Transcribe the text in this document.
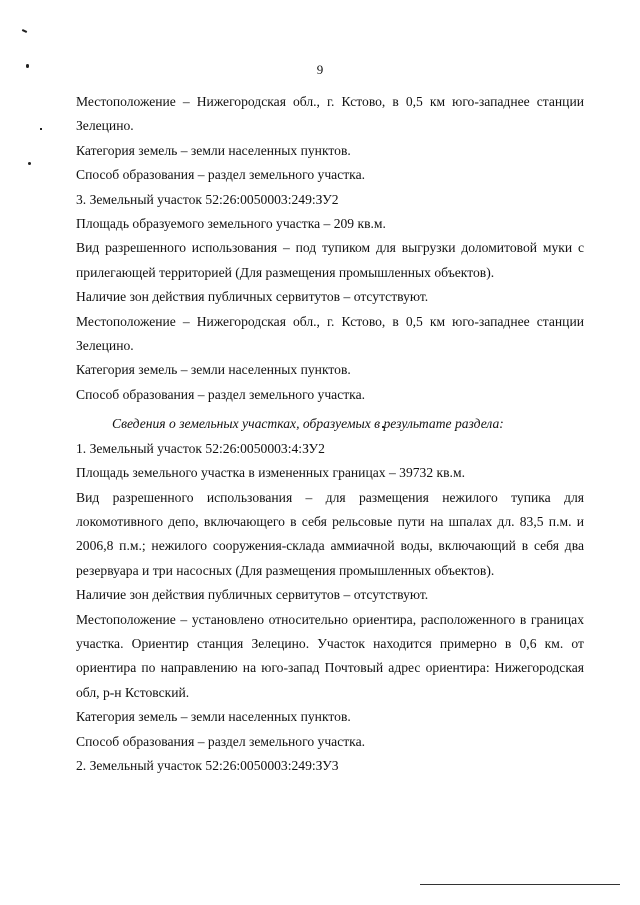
9

Местоположение – Нижегородская обл., г. Кстово, в 0,5 км юго-западнее станции Зелецино.

Категория земель – земли населенных пунктов.

Способ образования – раздел земельного участка.

3. Земельный участок 52:26:0050003:249:ЗУ2

Площадь образуемого земельного участка – 209 кв.м.

Вид разрешенного использования – под тупиком для выгрузки доломитовой муки с прилегающей территорией (Для размещения промышленных объектов).

Наличие зон действия публичных сервитутов – отсутствуют.

Местоположение – Нижегородская обл., г. Кстово, в 0,5 км юго-западнее станции Зелецино.

Категория земель – земли населенных пунктов.

Способ образования – раздел земельного участка.

Сведения о земельных участках, образуемых в результате раздела:

1. Земельный участок 52:26:0050003:4:ЗУ2

Площадь земельного участка в измененных границах – 39732 кв.м.

Вид разрешенного использования – для размещения нежилого тупика для локомотивного депо, включающего в себя рельсовые пути на шпалах дл. 83,5 п.м. и 2006,8 п.м.; нежилого сооружения-склада аммиачной воды, включающий в себя два резервуара и три насосных (Для размещения промышленных объектов).

Наличие зон действия публичных сервитутов – отсутствуют.

Местоположение – установлено относительно ориентира, расположенного в границах участка. Ориентир станция Зелецино. Участок находится примерно в 0,6 км. от ориентира по направлению на юго-запад Почтовый адрес ориентира: Нижегородская обл, р-н Кстовский.

Категория земель – земли населенных пунктов.

Способ образования – раздел земельного участка.

2. Земельный участок 52:26:0050003:249:ЗУ3
